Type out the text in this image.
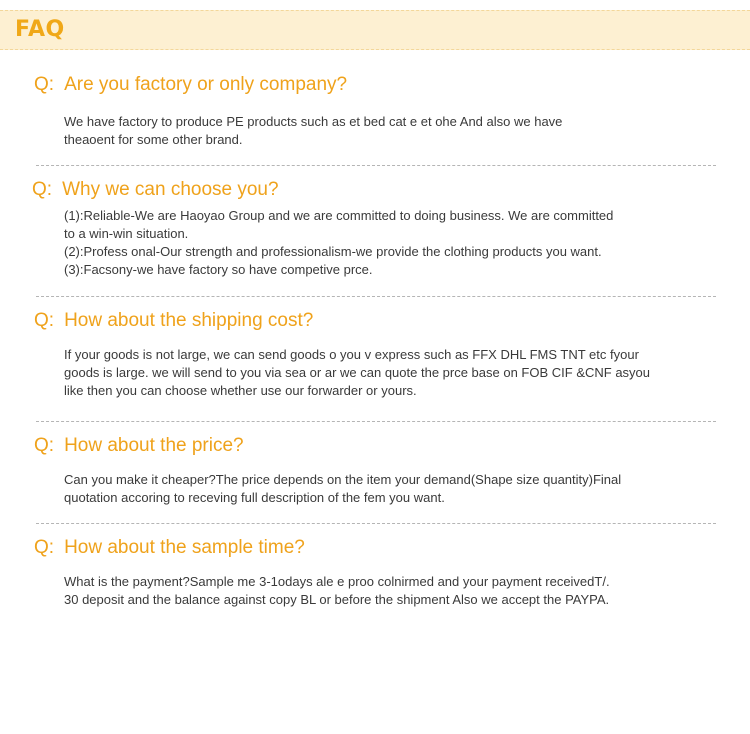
FAQ
Q: Are you factory or only company?

We have factory to produce PE products such as et bed cat e et ohe And also we have

theaoent for some other brand.

Q: Why we can choose you?

(1):Reliable-We are Haoyao Group and we are committed to doing business. We are committed

to a win-win situation.

(2):Profess onal-Our strength and professionalism-we provide the clothing products you want.

(3):Facsony-we have factory so have competive prce.

Q: How about the shipping cost?

If your goods is not large, we can send goods o you v express such as FFX DHL FMS TNT etc fyour

goods is large. we will send to you via sea or ar we can quote the prce base on FOB CIF &CNF asyou

like then you can choose whether use our forwarder or yours.

Q: How about the price?

Can you make it cheaper?The price depends on the item your demand(Shape size quantity)Final

quotation accoring to receving full description of the fem you want.

Q: How about the sample time?

What is the payment?Sample me 3-1odays ale e proo colnirmed and your payment receivedT/.

30 deposit and the balance against copy BL or before the shipment Also we accept the PAYPA.
